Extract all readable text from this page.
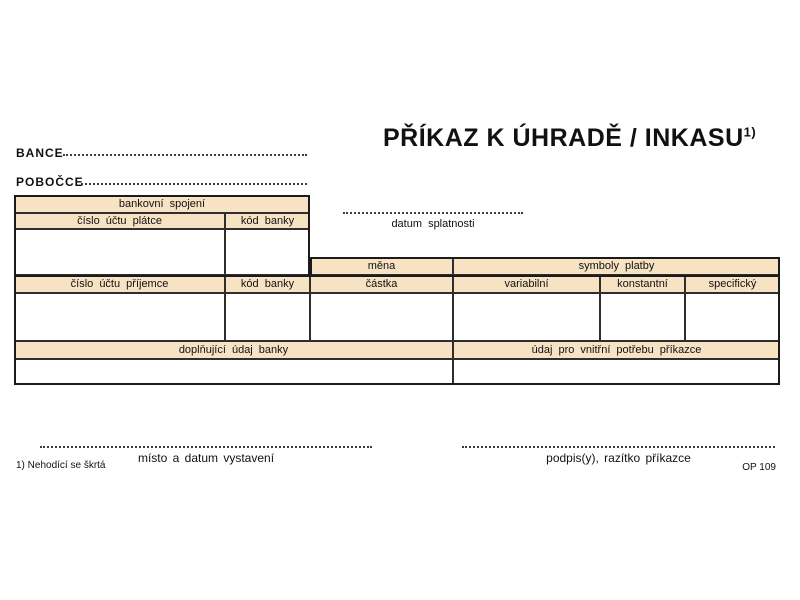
PŘÍKAZ K ÚHRADĚ / INKASU$^{1)}$
BANCE
POBOČCE
datum splatnosti
bankovní spojení
číslo účtu plátce	kód banky
měna	symboly platby
číslo účtu příjemce	kód banky	částka	variabilní	konstantní	specifický
doplňující údaj banky	údaj pro vnitřní potřebu příkazce
místo a datum vystavení	podpis(y), razítko příkazce
1) Nehodící se škrtá	OP 109
